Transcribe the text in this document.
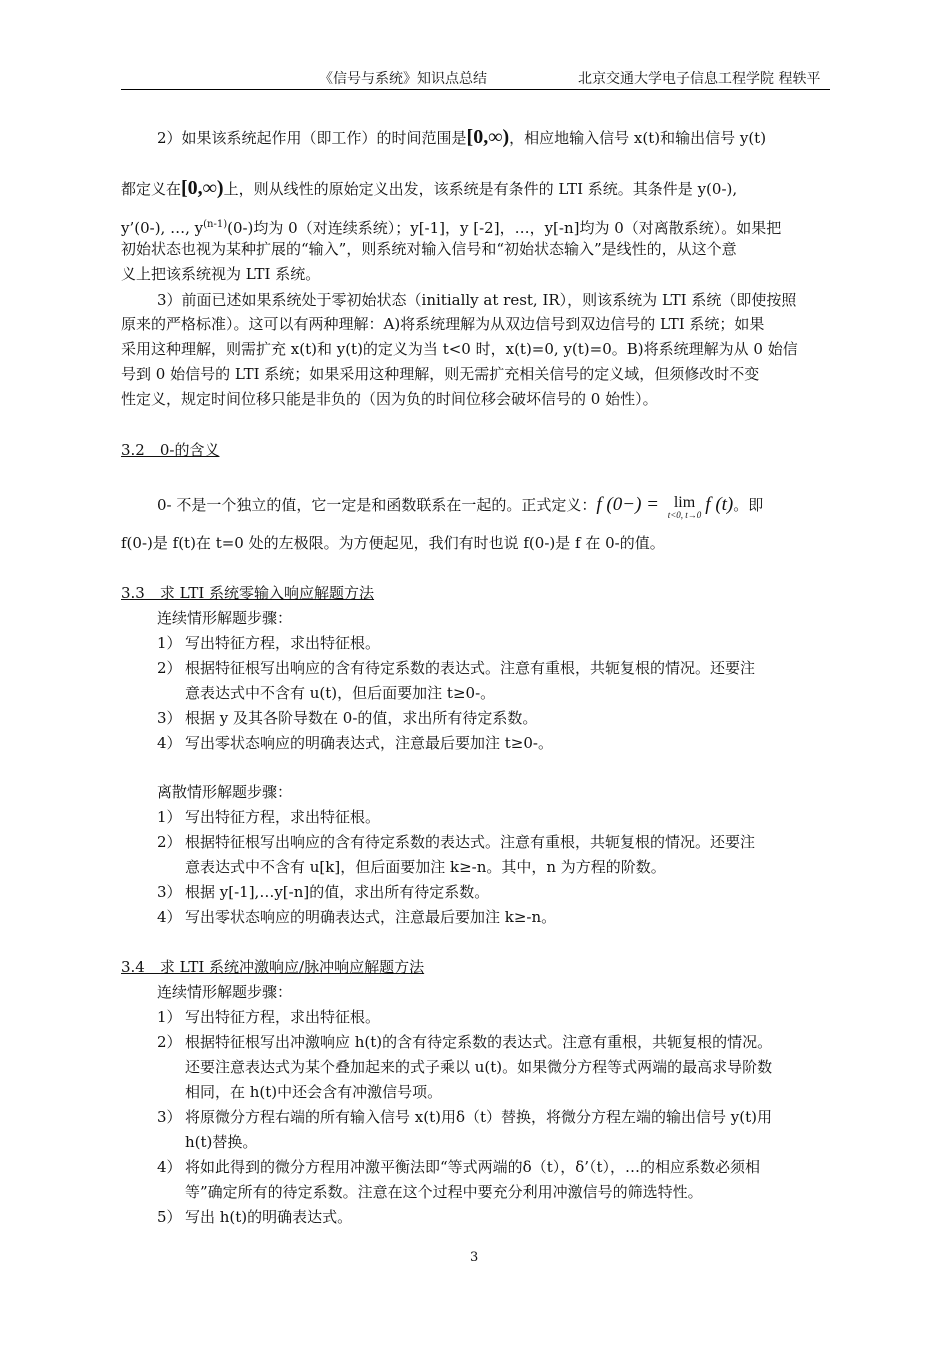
《信号与系统》知识点总结	北京交通大学电子信息工程学院 程轶平
2）如果该系统起作用（即工作）的时间范围是[0,∞)，相应地输入信号 x(t)和输出信号 y(t)
都定义在[0,∞)上，则从线性的原始定义出发，该系统是有条件的 LTI 系统。其条件是 y(0-),
y’(0-), …, $y^{(n-1)}(0-)$均为 0（对连续系统）；y[-1]，y [-2]，…，y[-n]均为 0（对离散系统）。如果把
初始状态也视为某种扩展的“输入”，则系统对输入信号和“初始状态输入”是线性的，从这个意
义上把该系统视为 LTI 系统。
3）前面已述如果系统处于零初始状态（initially at rest, IR），则该系统为 LTI 系统（即使按照
原来的严格标准）。这可以有两种理解：A)将系统理解为从双边信号到双边信号的 LTI 系统；如果
采用这种理解，则需扩充 x(t)和 y(t)的定义为当 t<0 时，x(t)=0, y(t)=0。B)将系统理解为从 0 始信
号到 0 始信号的 LTI 系统；如果采用这种理解，则无需扩充相关信号的定义域，但须修改时不变
性定义，规定时间位移只能是非负的（因为负的时间位移会破坏信号的 0 始性）。
3.2　0-的含义
0- 不是一个独立的值，它一定是和函数联系在一起的。正式定义：f (0−) = lim
t<0, t→0 f (t)。即
f(0-)是 f(t)在 t=0 处的左极限。为方便起见，我们有时也说 f(0-)是 f 在 0-的值。
3.3　求 LTI 系统零输入响应解题方法
连续情形解题步骤：
1） 写出特征方程，求出特征根。
2） 根据特征根写出响应的含有待定系数的表达式。注意有重根，共轭复根的情况。还要注
意表达式中不含有 u(t)，但后面要加注 t≥0-。
3） 根据 y 及其各阶导数在 0-的值，求出所有待定系数。
4） 写出零状态响应的明确表达式，注意最后要加注 t≥0-。
离散情形解题步骤：
1） 写出特征方程，求出特征根。
2） 根据特征根写出响应的含有待定系数的表达式。注意有重根，共轭复根的情况。还要注
意表达式中不含有 u[k]，但后面要加注 k≥-n。其中，n 为方程的阶数。
3） 根据 y[-1],…y[-n]的值，求出所有待定系数。
4） 写出零状态响应的明确表达式，注意最后要加注 k≥-n。
3.4　求 LTI 系统冲激响应/脉冲响应解题方法
连续情形解题步骤：
1） 写出特征方程，求出特征根。
2） 根据特征根写出冲激响应 h(t)的含有待定系数的表达式。注意有重根，共轭复根的情况。
还要注意表达式为某个叠加起来的式子乘以 u(t)。如果微分方程等式两端的最高求导阶数
相同，在 h(t)中还会含有冲激信号项。
3） 将原微分方程右端的所有输入信号 x(t)用δ（t）替换，将微分方程左端的输出信号 y(t)用
h(t)替换。
4） 将如此得到的微分方程用冲激平衡法即“等式两端的δ（t），δ’（t），…的相应系数必须相
等”确定所有的待定系数。注意在这个过程中要充分利用冲激信号的筛选特性。
5） 写出 h(t)的明确表达式。
3
